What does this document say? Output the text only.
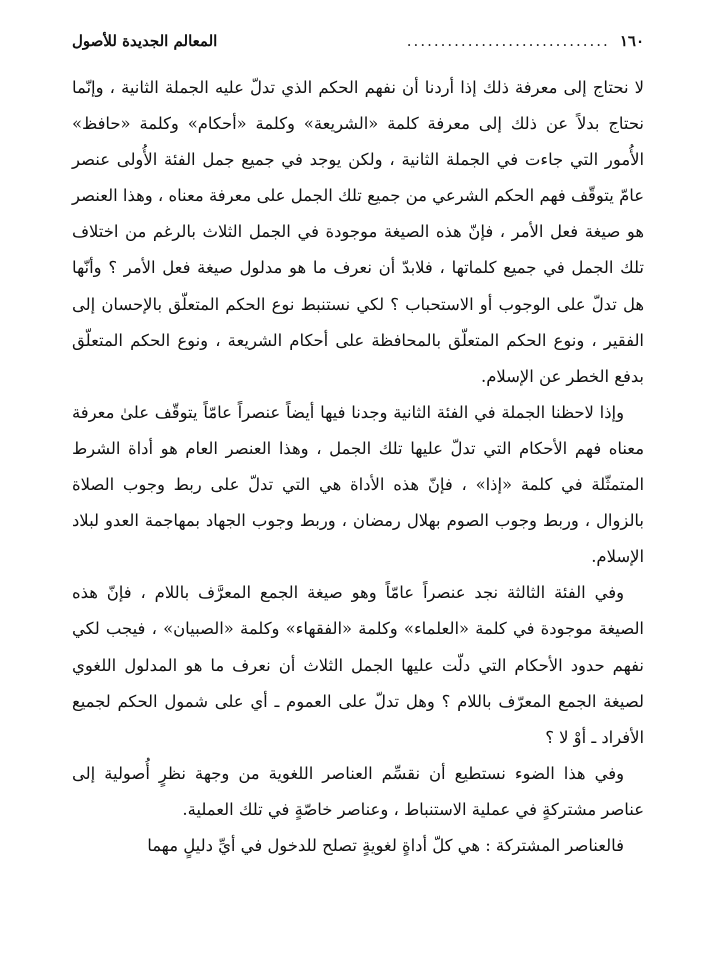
١٦٠
..............................
المعالم الجديدة للأصول

لا نحتاج إلى معرفة ذلك إذا أردنا أن نفهم الحكم الذي تدلّ عليه الجملة الثانية ، وإنّما نحتاج بدلاً عن ذلك إلى معرفة كلمة «الشريعة» وكلمة «أحكام» وكلمة «حافظ» الأُمور التي جاءت في الجملة الثانية ، ولكن يوجد في جميع جمل الفئة الأُولى عنصر عامّ يتوقّف فهم الحكم الشرعي من جميع تلك الجمل على معرفة معناه ، وهذا العنصر هو صيغة فعل الأمر ، فإنّ هذه الصيغة موجودة في الجمل الثلاث بالرغم من اختلاف تلك الجمل في جميع كلماتها ، فلابدّ أن نعرف ما هو مدلول صيغة فعل الأمر ؟ وأنّها هل تدلّ على الوجوب أو الاستحباب ؟ لكي نستنبط نوع الحكم المتعلّق بالإحسان إلى الفقير ، ونوع الحكم المتعلّق بالمحافظة على أحكام الشريعة ، ونوع الحكم المتعلّق بدفع الخطر عن الإسلام.

وإذا لاحظنا الجملة في الفئة الثانية وجدنا فيها أيضاً عنصراً عامّاً يتوقّف علىٰ معرفة معناه فهم الأحكام التي تدلّ عليها تلك الجمل ، وهذا العنصر العام هو أداة الشرط المتمثّلة في كلمة «إذا» ، فإنّ هذه الأداة هي التي تدلّ على ربط وجوب الصلاة بالزوال ، وربط وجوب الصوم بهلال رمضان ، وربط وجوب الجهاد بمهاجمة العدو لبلاد الإسلام.

وفي الفئة الثالثة نجد عنصراً عامّاً وهو صيغة الجمع المعرَّف باللام ، فإنّ هذه الصيغة موجودة في كلمة «العلماء» وكلمة «الفقهاء» وكلمة «الصبيان» ، فيجب لكي نفهم حدود الأحكام التي دلّت عليها الجمل الثلاث أن نعرف ما هو المدلول اللغوي لصيغة الجمع المعرّف باللام ؟ وهل تدلّ على العموم ـ أي على شمول الحكم لجميع الأفراد ـ أوْ لا ؟

وفي هذا الضوء نستطيع أن نقسِّم العناصر اللغوية من وجهة نظرٍ أُصولية إلى عناصر مشتركةٍ في عملية الاستنباط ، وعناصر خاصّةٍ في تلك العملية.

فالعناصر المشتركة : هي كلّ أداةٍ لغويةٍ تصلح للدخول في أيِّ دليلٍ مهما
